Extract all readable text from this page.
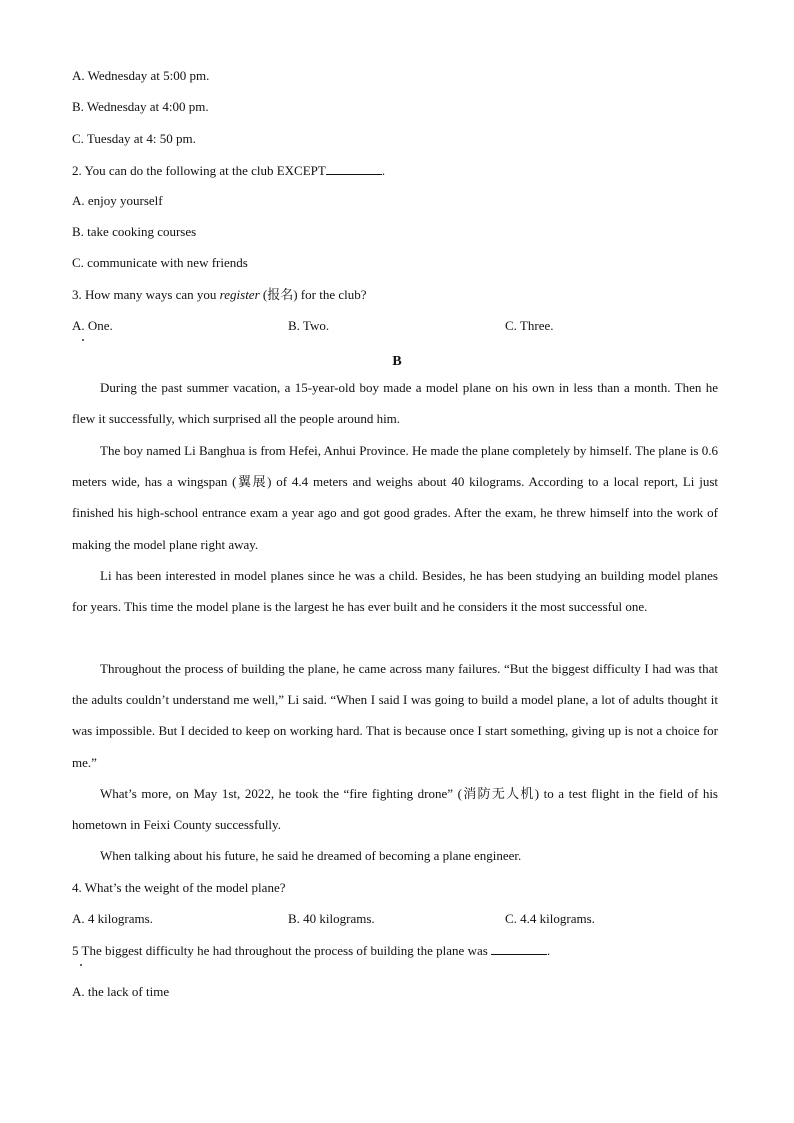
A. Wednesday at 5:00 pm.
B. Wednesday at 4:00 pm.
C. Tuesday at 4: 50 pm.
2. You can do the following at the club EXCEPT	.
A. enjoy yourself
B. take cooking courses
C. communicate with new friends
3. How many ways can you register (报名) for the club?
A. One.	B. Two.	C. Three.
B
During the past summer vacation, a 15-year-old boy made a model plane on his own in less than a month. Then he flew it successfully, which surprised all the people around him.
The boy named Li Banghua is from Hefei, Anhui Province. He made the plane completely by himself. The plane is 0.6 meters wide, has a wingspan (翼展) of 4.4 meters and weighs about 40 kilograms. According to a local report, Li just finished his high-school entrance exam a year ago and got good grades. After the exam, he threw himself into the work of making the model plane right away.
Li has been interested in model planes since he was a child. Besides, he has been studying an building model planes for years. This time the model plane is the largest he has ever built and he considers it the most successful one.
Throughout the process of building the plane, he came across many failures. “But the biggest difficulty I had was that the adults couldn’t understand me well,” Li said. “When I said I was going to build a model plane, a lot of adults thought it was impossible. But I decided to keep on working hard. That is because once I start something, giving up is not a choice for me.”
What’s more, on May 1st, 2022, he took the “fire fighting drone” (消防无人机) to a test flight in the field of his hometown in Feixi County successfully.
When talking about his future, he said he dreamed of becoming a plane engineer.
4. What’s the weight of the model plane?
A. 4 kilograms.	B. 40 kilograms.	C. 4.4 kilograms.
5 The biggest difficulty he had throughout the process of building the plane was	.
A. the lack of time
